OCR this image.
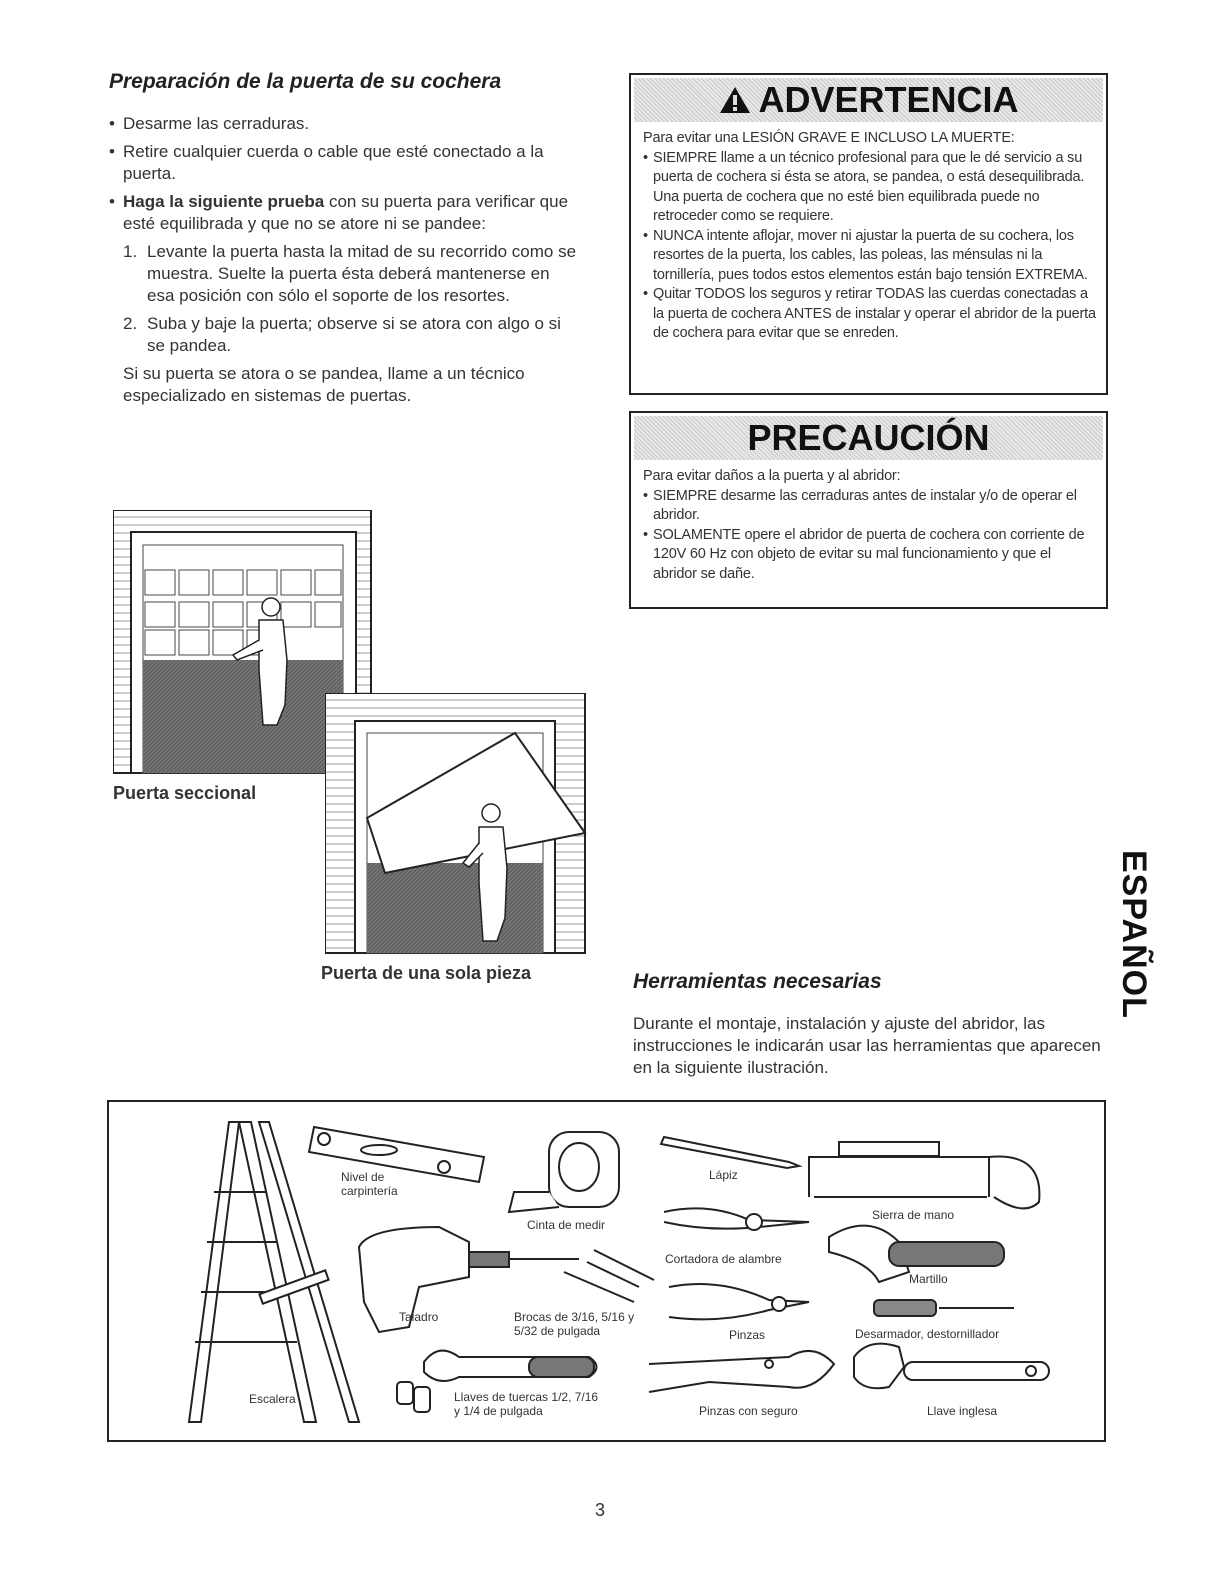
Preparación de la puerta de su cochera
• Desarme las cerraduras.
• Retire cualquier cuerda o cable que esté conectado a la puerta.
• Haga la siguiente prueba con su puerta para verificar que esté equilibrada y que no se atore ni se pandee:
1. Levante la puerta hasta la mitad de su recorrido como se muestra. Suelte la puerta ésta deberá mantenerse en esa posición con sólo el soporte de los resortes.
2. Suba y baje la puerta; observe si se atora con algo o si se pandea.
Si su puerta se atora o se pandea, llame a un técnico especializado en sistemas de puertas.
Puerta seccional
Puerta de una sola pieza
ADVERTENCIA
Para evitar una LESIÓN GRAVE E INCLUSO LA MUERTE:
• SIEMPRE llame a un técnico profesional para que le dé servicio a su puerta de cochera si ésta se atora, se pandea, o está desequilibrada. Una puerta de cochera que no esté bien equilibrada puede no retroceder como se requiere.
• NUNCA intente aflojar, mover ni ajustar la puerta de su cochera, los resortes de la puerta, los cables, las poleas, las ménsulas ni la tornillería, pues todos estos elementos están bajo tensión EXTREMA.
• Quitar TODOS los seguros y retirar TODAS las cuerdas conectadas a la puerta de cochera ANTES de instalar y operar el abridor de la puerta de cochera para evitar que se enreden.
PRECAUCIÓN
Para evitar daños a la puerta y al abridor:
• SIEMPRE desarme las cerraduras antes de instalar y/o de operar el abridor.
• SOLAMENTE opere el abridor de puerta de cochera con corriente de 120V 60 Hz con objeto de evitar su mal funcionamiento y que el abridor se dañe.
ESPAÑOL
Herramientas necesarias
Durante el montaje, instalación y ajuste del abridor, las instrucciones le indicarán usar las herramientas que aparecen en la siguiente ilustración.
Nivel de carpintería
Cinta de medir
Lápiz
Sierra de mano
Cortadora de alambre
Martillo
Taladro	Brocas de 3/16, 5/16 y 5/32 de pulgada	Pinzas	Desarmador, destornillador
Escalera	Llaves de tuercas 1/2, 7/16 y 1/4 de pulgada	Pinzas con seguro	Llave inglesa
3
